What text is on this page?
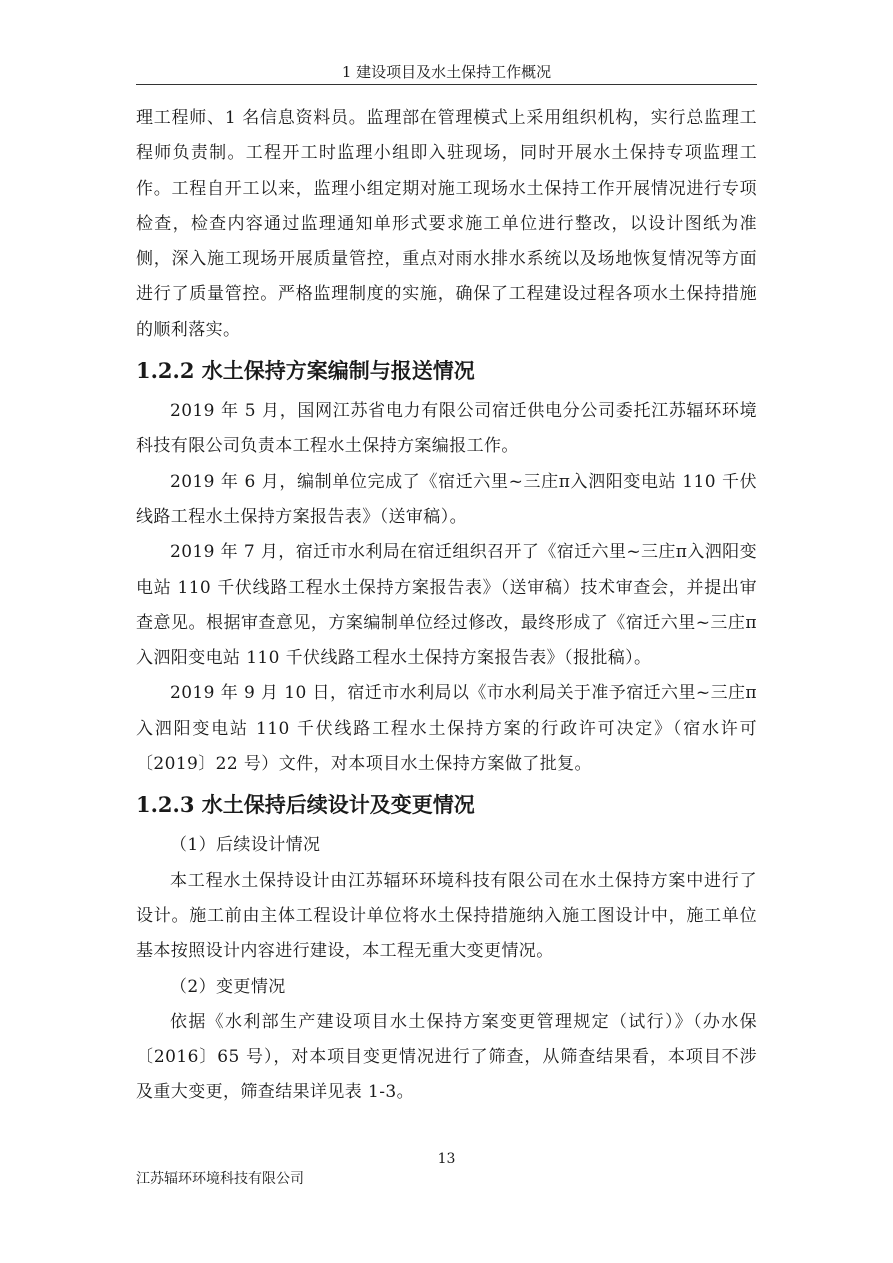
1 建设项目及水土保持工作概况

理工程师、1 名信息资料员。监理部在管理模式上采用组织机构，实行总监理工程师负责制。工程开工时监理小组即入驻现场，同时开展水土保持专项监理工作。工程自开工以来，监理小组定期对施工现场水土保持工作开展情况进行专项检查，检查内容通过监理通知单形式要求施工单位进行整改，以设计图纸为准侧，深入施工现场开展质量管控，重点对雨水排水系统以及场地恢复情况等方面进行了质量管控。严格监理制度的实施，确保了工程建设过程各项水土保持措施的顺利落实。

1.2.2 水土保持方案编制与报送情况

2019 年 5 月，国网江苏省电力有限公司宿迁供电分公司委托江苏辐环环境科技有限公司负责本工程水土保持方案编报工作。

2019 年 6 月，编制单位完成了《宿迁六里~三庄π入泗阳变电站 110 千伏线路工程水土保持方案报告表》（送审稿）。

2019 年 7 月，宿迁市水利局在宿迁组织召开了《宿迁六里~三庄π入泗阳变电站 110 千伏线路工程水土保持方案报告表》（送审稿）技术审查会，并提出审查意见。根据审查意见，方案编制单位经过修改，最终形成了《宿迁六里~三庄π入泗阳变电站 110 千伏线路工程水土保持方案报告表》（报批稿）。

2019 年 9 月 10 日，宿迁市水利局以《市水利局关于准予宿迁六里~三庄π入泗阳变电站 110 千伏线路工程水土保持方案的行政许可决定》（宿水许可〔2019〕22 号）文件，对本项目水土保持方案做了批复。

1.2.3 水土保持后续设计及变更情况

（1）后续设计情况

本工程水土保持设计由江苏辐环环境科技有限公司在水土保持方案中进行了设计。施工前由主体工程设计单位将水土保持措施纳入施工图设计中，施工单位基本按照设计内容进行建设，本工程无重大变更情况。

（2）变更情况

依据《水利部生产建设项目水土保持方案变更管理规定（试行）》（办水保〔2016〕65 号），对本项目变更情况进行了筛查，从筛查结果看，本项目不涉及重大变更，筛查结果详见表 1-3。

13
江苏辐环环境科技有限公司
